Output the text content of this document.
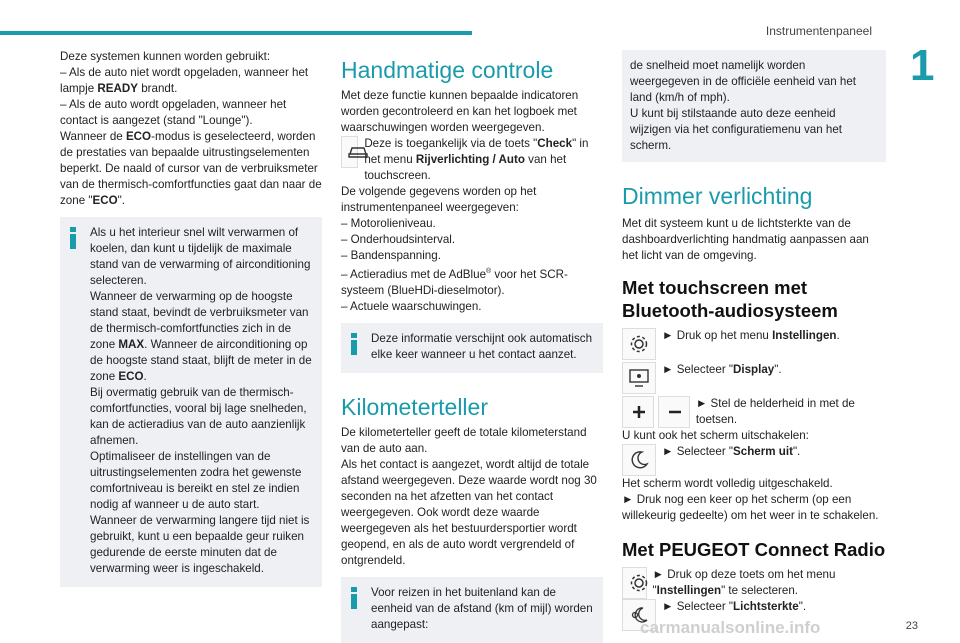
Instrumentenpaneel
1

Deze systemen kunnen worden gebruikt:

– Als de auto niet wordt opgeladen, wanneer het lampje READY brandt.

– Als de auto wordt opgeladen, wanneer het contact is aangezet (stand "Lounge").

Wanneer de ECO-modus is geselecteerd, worden de prestaties van bepaalde uitrustingselementen beperkt. De naald of cursor van de verbruiksmeter van de thermisch-comfortfuncties gaat dan naar de zone "ECO".

Als u het interieur snel wilt verwarmen of koelen, dan kunt u tijdelijk de maximale stand van de verwarming of airconditioning selecteren.

Wanneer de verwarming op de hoogste stand staat, bevindt de verbruiksmeter van de thermisch-comfortfuncties zich in de zone MAX. Wanneer de airconditioning op de hoogste stand staat, blijft de meter in de zone ECO.

Bij overmatig gebruik van de thermisch-comfortfuncties, vooral bij lage snelheden, kan de actieradius van de auto aanzienlijk afnemen.

Optimaliseer de instellingen van de uitrustingselementen zodra het gewenste comfortniveau is bereikt en stel ze indien nodig af wanneer u de auto start.

Wanneer de verwarming langere tijd niet is gebruikt, kunt u een bepaalde geur ruiken gedurende de eerste minuten dat de verwarming weer is ingeschakeld.

Handmatige controle

Met deze functie kunnen bepaalde indicatoren worden gecontroleerd en kan het logboek met waarschuwingen worden weergegeven.

Deze is toegankelijk via de toets "Check" in het menu Rijverlichting / Auto van het touchscreen.

De volgende gegevens worden op het instrumentenpaneel weergegeven:

– Motorolieniveau.

– Onderhoudsinterval.

– Bandenspanning.

– Actieradius met de AdBlue® voor het SCR-systeem (BlueHDi-dieselmotor).

– Actuele waarschuwingen.

Deze informatie verschijnt ook automatisch elke keer wanneer u het contact aanzet.

Kilometerteller

De kilometerteller geeft de totale kilometerstand van de auto aan.

Als het contact is aangezet, wordt altijd de totale afstand weergegeven. Deze waarde wordt nog 30 seconden na het afzetten van het contact weergegeven. Ook wordt deze waarde weergegeven als het bestuurdersportier wordt geopend, en als de auto wordt vergrendeld of ontgrendeld.

Voor reizen in het buitenland kan de eenheid van de afstand (km of mijl) worden aangepast:

de snelheid moet namelijk worden weergegeven in de officiële eenheid van het land (km/h of mph).

U kunt bij stilstaande auto deze eenheid wijzigen via het configuratiemenu van het scherm.

Dimmer verlichting

Met dit systeem kunt u de lichtsterkte van de dashboardverlichting handmatig aanpassen aan het licht van de omgeving.

Met touchscreen met Bluetooth-audiosysteem
► Druk op het menu Instellingen.
► Selecteer "Display".
► Stel de helderheid in met de toetsen.

U kunt ook het scherm uitschakelen:

► Selecteer "Scherm uit".

Het scherm wordt volledig uitgeschakeld.

► Druk nog een keer op het scherm (op een willekeurig gedeelte) om het weer in te schakelen.

Met PEUGEOT Connect Radio
► Druk op deze toets om het menu "Instellingen" te selecteren.
► Selecteer "Lichtsterkte".
carmanualsonline.info	23
